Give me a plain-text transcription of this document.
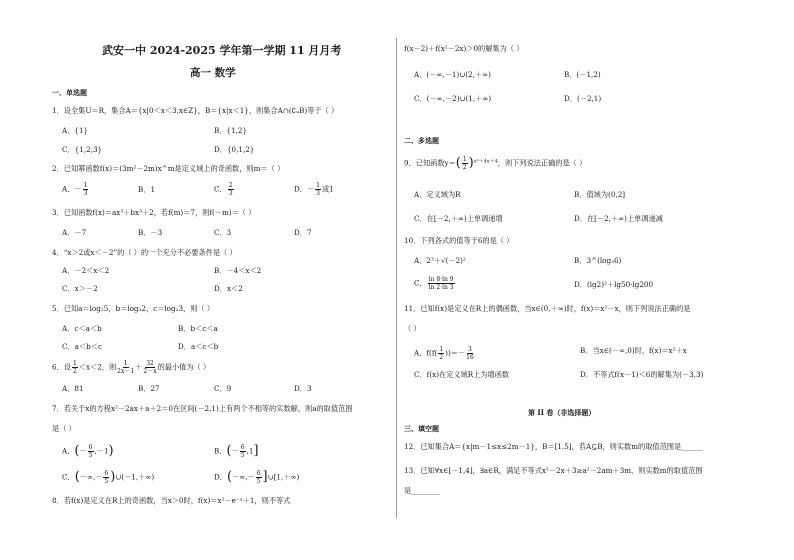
武安一中 2024-2025 学年第一学期 11 月月考
高一 数学
一、单选题
1．设全集U＝R，集合A＝{x|0＜x＜3,x∈Z}，B＝{x|x＜1}，则集合A∩(∁ᵤB)等于（ ）
A．{1}	B．{1,2}
C．{1,2,3}	D．{0,1,2}
2．已知幂函数f(x)＝(3m²－2m)x^m是定义域上的奇函数，则m＝（ ）
A．－ $\frac{1}{3}$	B．1	C． $\frac{2}{3}$	D．－ $\frac{1}{3}$ 或1
3．已知函数f(x)＝ax³＋bx³＋2，若f(m)＝7，则f(－m)＝（ ）
A．－7	B．－3	C．3	D．7
4．“x＞2或x＜－2”的（ ）的一个充分不必要条件是（ ）
A．－2＜x＜2	B．－4＜x＜2
C．x＞－2	D．x＜2
5．已知a＝log₂5，b＝log₃2，c＝log₂3，则（ ）
A．c＜a＜b	B．b＜c＜a
C．a＜b＜c	D．a＜c＜b
6．设 $\frac{1}{2} <x<2$，则 $\frac{1}{2x-1} + \frac{32}{2-x}$ 的最小值为（ ）
A．81	B．27	C．9	D．3
7．若关于x的方程x²－2ax＋a＋2＝0在区间(－2,1)上有两个不相等的实数解，则a的取值范围
是（ ）
A．(－ $\frac{6}{5} ,-1$)	B．(－ $\frac{6}{5} ,1$]
C．(－∞,－ $\frac{6}{5}$ )∪(－1,＋∞)	D．(－∞,－ $\frac{6}{5}$ ]∪[1,＋∞)
8．若f(x)是定义在R上的奇函数，当x＞0时，f(x)＝x²－e⁻ˣ＋1，则不等式
f(x－2)＋f(x²－2x)＞0的解集为（ ）
A．(－∞,－1)∪(2,＋∞)	B．(－1,2)
C．(－∞,－2)∪(1,＋∞)	D．(－2,1)
二、多选题
9．已知函数$y=( \frac{1}{2} )^{x^2+4x+4}$，则下列说法正确的是（ ）
A．定义域为R	B．值域为(0,2]
C．在[－2,＋∞)上单调递增	D．在[－2,＋∞)上单调递减
10．下列各式的值等于6的是（ ）
A．2³＋√(－2)²	B．3^(log₃6)
C． $\frac{\ln 8\cdot\ln 9}{\ln 2\cdot\ln 3}$	D．(lg2)²＋lg50·lg200
11．已知f(x)是定义在R上的偶函数，当x∈(0,＋∞)时，f(x)＝x²－x，则下列说法正确的是
（ ）
A．$f(f( \frac{1}{2}$ ))＝－ $\frac{3}{16}$	B．当x∈(－∞,0)时，f(x)＝x²＋x
C．f(x)在定义域R上为增函数	D．不等式f(x－1)＜6的解集为(－3,3)
第 II 卷（非选择题）
三、填空题
12．已知集合A＝{x|m－1≤x≤2m－1}，B＝[1,5]，若A⊆B，则实数m的取值范围是______
13．已知∀x∈[－1,4]，∃a∈R，满足不等式x²－2x＋3≥a²－2am＋3m，则实数m的取值范围
是________
